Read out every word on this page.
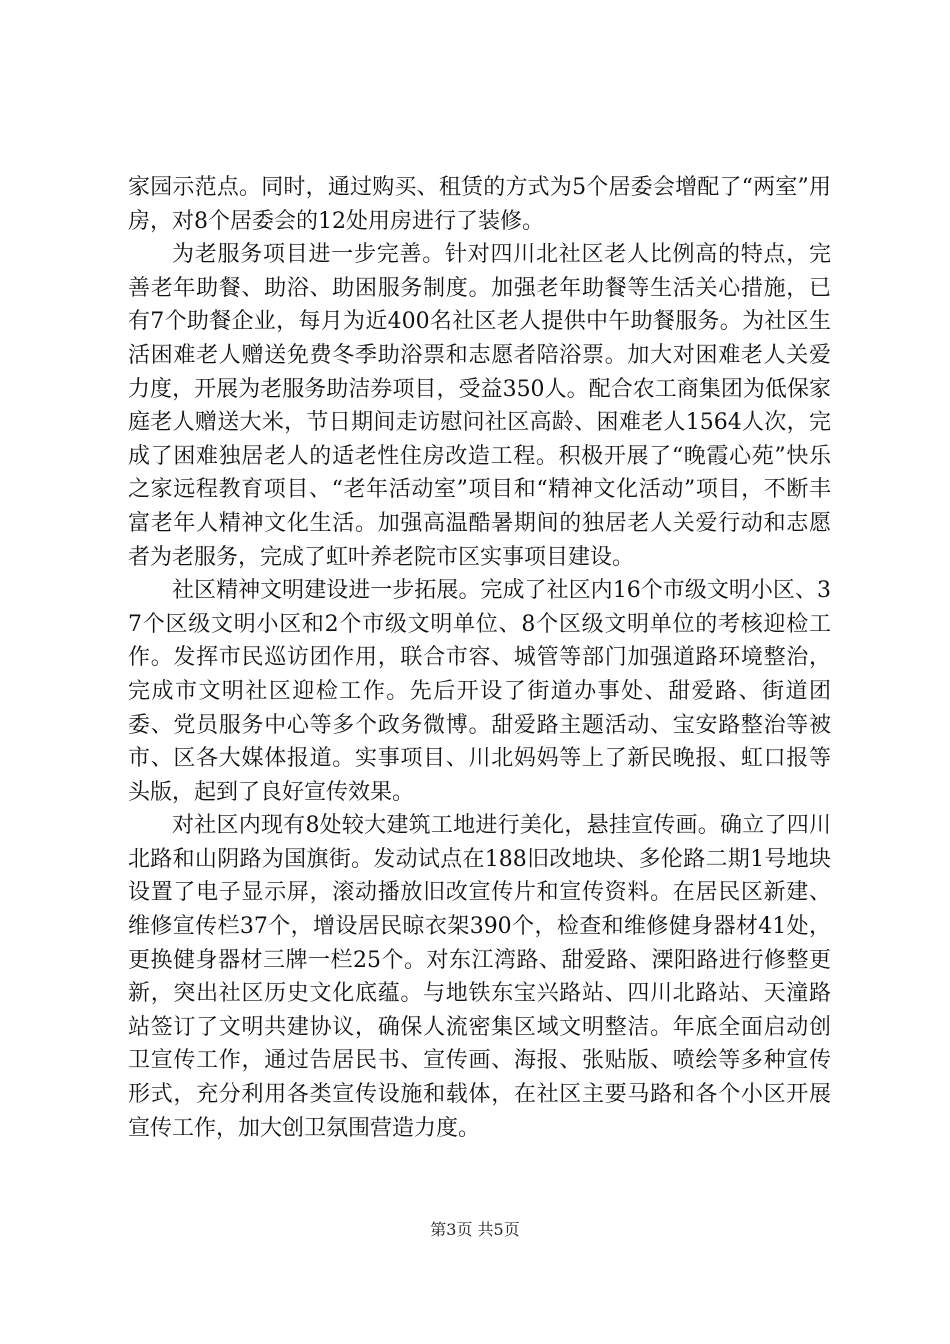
家园示范点。同时，通过购买、租赁的方式为5个居委会增配了“两室”用房，对8个居委会的12处用房进行了装修。

为老服务项目进一步完善。针对四川北社区老人比例高的特点，完善老年助餐、助浴、助困服务制度。加强老年助餐等生活关心措施，已有7个助餐企业，每月为近400名社区老人提供中午助餐服务。为社区生活困难老人赠送免费冬季助浴票和志愿者陪浴票。加大对困难老人关爱力度，开展为老服务助洁券项目，受益350人。配合农工商集团为低保家庭老人赠送大米，节日期间走访慰问社区高龄、困难老人1564人次，完成了困难独居老人的适老性住房改造工程。积极开展了“晚霞心苑”快乐之家远程教育项目、“老年活动室”项目和“精神文化活动”项目，不断丰富老年人精神文化生活。加强高温酷暑期间的独居老人关爱行动和志愿者为老服务，完成了虹叶养老院市区实事项目建设。

社区精神文明建设进一步拓展。完成了社区内16个市级文明小区、37个区级文明小区和2个市级文明单位、8个区级文明单位的考核迎检工作。发挥市民巡访团作用，联合市容、城管等部门加强道路环境整治，完成市文明社区迎检工作。先后开设了街道办事处、甜爱路、街道团委、党员服务中心等多个政务微博。甜爱路主题活动、宝安路整治等被市、区各大媒体报道。实事项目、川北妈妈等上了新民晚报、虹口报等头版，起到了良好宣传效果。

对社区内现有8处较大建筑工地进行美化，悬挂宣传画。确立了四川北路和山阴路为国旗街。发动试点在188旧改地块、多伦路二期1号地块设置了电子显示屏，滚动播放旧改宣传片和宣传资料。在居民区新建、维修宣传栏37个，增设居民晾衣架390个，检查和维修健身器材41处，更换健身器材三牌一栏25个。对东江湾路、甜爱路、溧阳路进行修整更新，突出社区历史文化底蕴。与地铁东宝兴路站、四川北路站、天潼路站签订了文明共建协议，确保人流密集区域文明整洁。年底全面启动创卫宣传工作，通过告居民书、宣传画、海报、张贴版、喷绘等多种宣传形式，充分利用各类宣传设施和载体，在社区主要马路和各个小区开展宣传工作，加大创卫氛围营造力度。

第3页 共5页
